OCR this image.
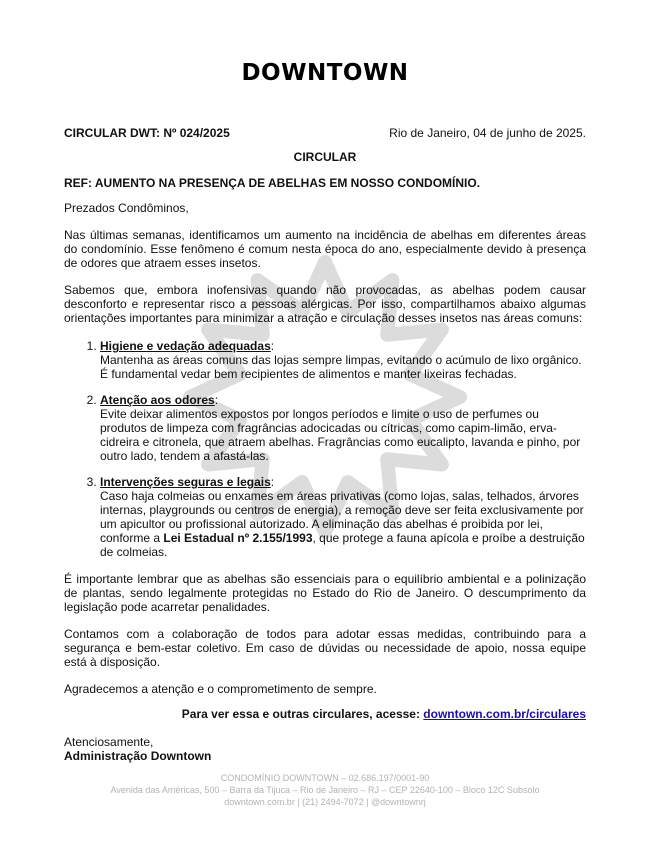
DOWNTOWN
CIRCULAR DWT: Nº 024/2025	Rio de Janeiro, 04 de junho de 2025.
CIRCULAR
REF: AUMENTO NA PRESENÇA DE ABELHAS EM NOSSO CONDOMÍNIO.

Prezados Condôminos,

Nas últimas semanas, identificamos um aumento na incidência de abelhas em diferentes áreas do condomínio. Esse fenômeno é comum nesta época do ano, especialmente devido à presença de odores que atraem esses insetos.

Sabemos que, embora inofensivas quando não provocadas, as abelhas podem causar desconforto e representar risco a pessoas alérgicas. Por isso, compartilhamos abaixo algumas orientações importantes para minimizar a atração e circulação desses insetos nas áreas comuns:

1. Higiene e vedação adequadas:
Mantenha as áreas comuns das lojas sempre limpas, evitando o acúmulo de lixo orgânico. É fundamental vedar bem recipientes de alimentos e manter lixeiras fechadas.
2. Atenção aos odores:
Evite deixar alimentos expostos por longos períodos e limite o uso de perfumes ou produtos de limpeza com fragrâncias adocicadas ou cítricas, como capim-limão, erva-cidreira e citronela, que atraem abelhas. Fragrâncias como eucalipto, lavanda e pinho, por outro lado, tendem a afastá-las.
3. Intervenções seguras e legais:
Caso haja colmeias ou enxames em áreas privativas (como lojas, salas, telhados, árvores internas, playgrounds ou centros de energia), a remoção deve ser feita exclusivamente por um apicultor ou profissional autorizado. A eliminação das abelhas é proibida por lei, conforme a Lei Estadual nº 2.155/1993, que protege a fauna apícola e proíbe a destruição de colmeias.

É importante lembrar que as abelhas são essenciais para o equilíbrio ambiental e a polinização de plantas, sendo legalmente protegidas no Estado do Rio de Janeiro. O descumprimento da legislação pode acarretar penalidades.

Contamos com a colaboração de todos para adotar essas medidas, contribuindo para a segurança e bem-estar coletivo. Em caso de dúvidas ou necessidade de apoio, nossa equipe está à disposição.

Agradecemos a atenção e o comprometimento de sempre.

Para ver essa e outras circulares, acesse: downtown.com.br/circulares

Atenciosamente,

Administração Downtown

CONDOMÍNIO DOWNTOWN – 02.686.197/0001-90
Avenida das Américas, 500 – Barra da Tijuca – Rio de Janeiro – RJ – CEP 22640-100 – Bloco 12C Subsolo
downtown.com.br | (21) 2494-7072 | @downtownrj
